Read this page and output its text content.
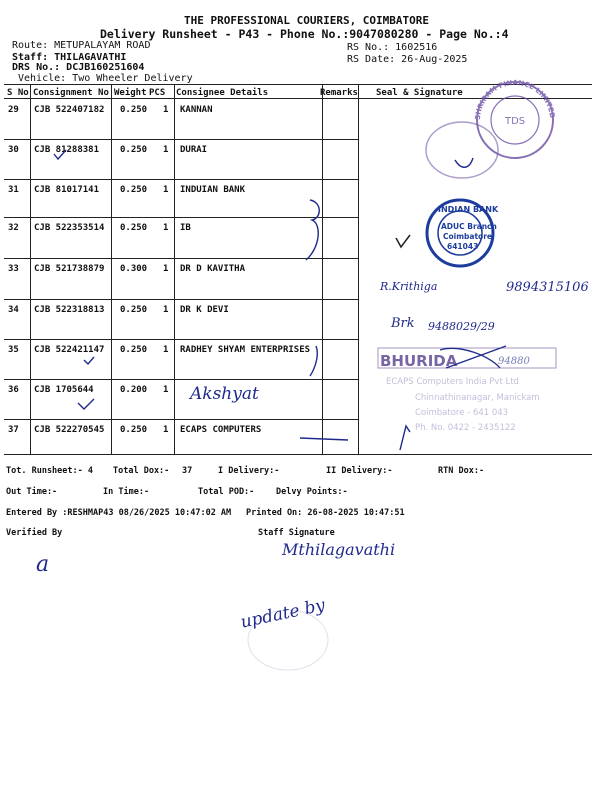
THE PROFESSIONAL COURIERS, COIMBATORE
Delivery Runsheet - P43 - Phone No.:9047080280 - Page No.:4
Route: METUPALAYAM ROAD
Staff: THILAGAVATHI
DRS No.: DCJB160251604
Vehicle: Two Wheeler Delivery
RS No.: 1602516
RS Date: 26-Aug-2025
S No Consignment No Weight PCS Consignee Details	Remarks Seal & Signature
29 CJB 522407182 0.250 1 KANNAN
30 CJB 81288381 0.250 1 DURAI
31 CJB 81017141 0.250 1 INDUIAN BANK
32 CJB 522353514 0.250 1 IB
33 CJB 521738879 0.300 1 DR D KAVITHA
34 CJB 522318813 0.250 1 DR K DEVI
35 CJB 522421147 0.250 1 RADHEY SHYAM ENTERPRISES
36 CJB 1705644	0.200 1
37 CJB 522270545 0.250 1 ECAPS COMPUTERS
Tot. Runsheet:- 4 Total Dox:- 37	I Delivery:-	II Delivery:-	RTN Dox:-
Out Time:-	In Time:-	Total POD:-	Delvy Points:-
Entered By :RESHMAP43 08/26/2025 10:47:02 AM Printed On: 26-08-2025 10:47:51
Verified By	Staff Signature
SHRIRAM FINANCE LIMITED
TDS
INDIAN BANK
ADUC Branch
Coimbatore
641043
BHURIDA
ECAPS Computers India Pvt Ltd
Chinnathinanagar, Manickam
Coimbatore - 641 043
Ph. No. 0422 - 2435122
Akshyat
R.Krithiga	9894315106
Brk 9488029/29
94880
Mthilagavathi
a
update by
